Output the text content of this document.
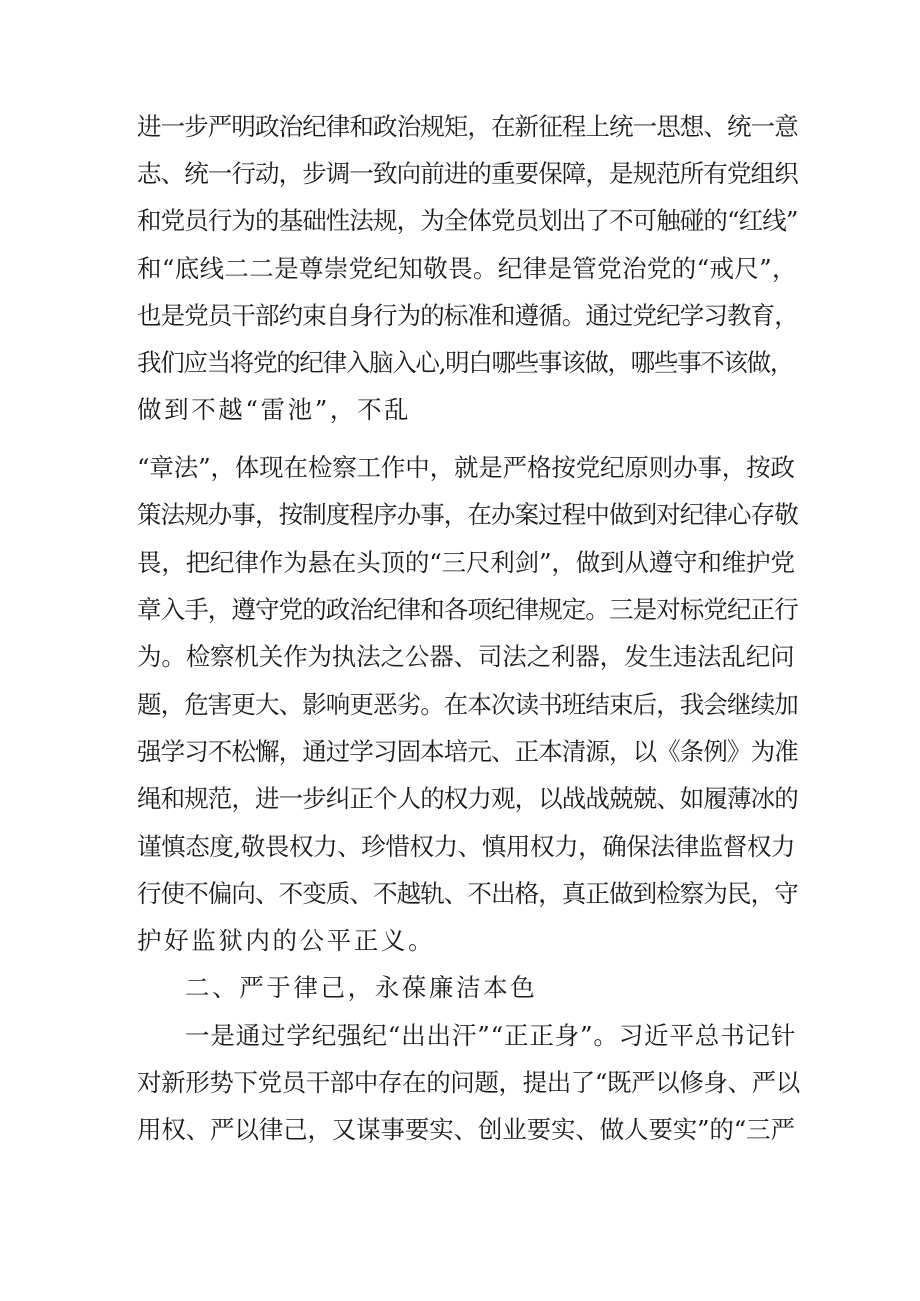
进一步严明政治纪律和政治规矩，在新征程上统一思想、统一意
志、统一行动，步调一致向前进的重要保障，是规范所有党组织
和党员行为的基础性法规，为全体党员划出了不可触碰的“红线”
和“底线二二是尊崇党纪知敬畏。纪律是管党治党的“戒尺”，
也是党员干部约束自身行为的标准和遵循。通过党纪学习教育，
我们应当将党的纪律入脑入心,明白哪些事该做，哪些事不该做，
做到不越“雷池”，不乱
“章法”，体现在检察工作中，就是严格按党纪原则办事，按政
策法规办事，按制度程序办事，在办案过程中做到对纪律心存敬
畏，把纪律作为悬在头顶的“三尺利剑”，做到从遵守和维护党
章入手，遵守党的政治纪律和各项纪律规定。三是对标党纪正行
为。检察机关作为执法之公器、司法之利器，发生违法乱纪问
题，危害更大、影响更恶劣。在本次读书班结束后，我会继续加
强学习不松懈，通过学习固本培元、正本清源，以《条例》为准
绳和规范，进一步纠正个人的权力观，以战战兢兢、如履薄冰的
谨慎态度,敬畏权力、珍惜权力、慎用权力，确保法律监督权力
行使不偏向、不变质、不越轨、不出格，真正做到检察为民，守
护好监狱内的公平正义。
二、严于律己，永葆廉洁本色
一是通过学纪强纪“出出汗”“正正身”。习近平总书记针
对新形势下党员干部中存在的问题，提出了“既严以修身、严以
用权、严以律己，又谋事要实、创业要实、做人要实”的“三严
